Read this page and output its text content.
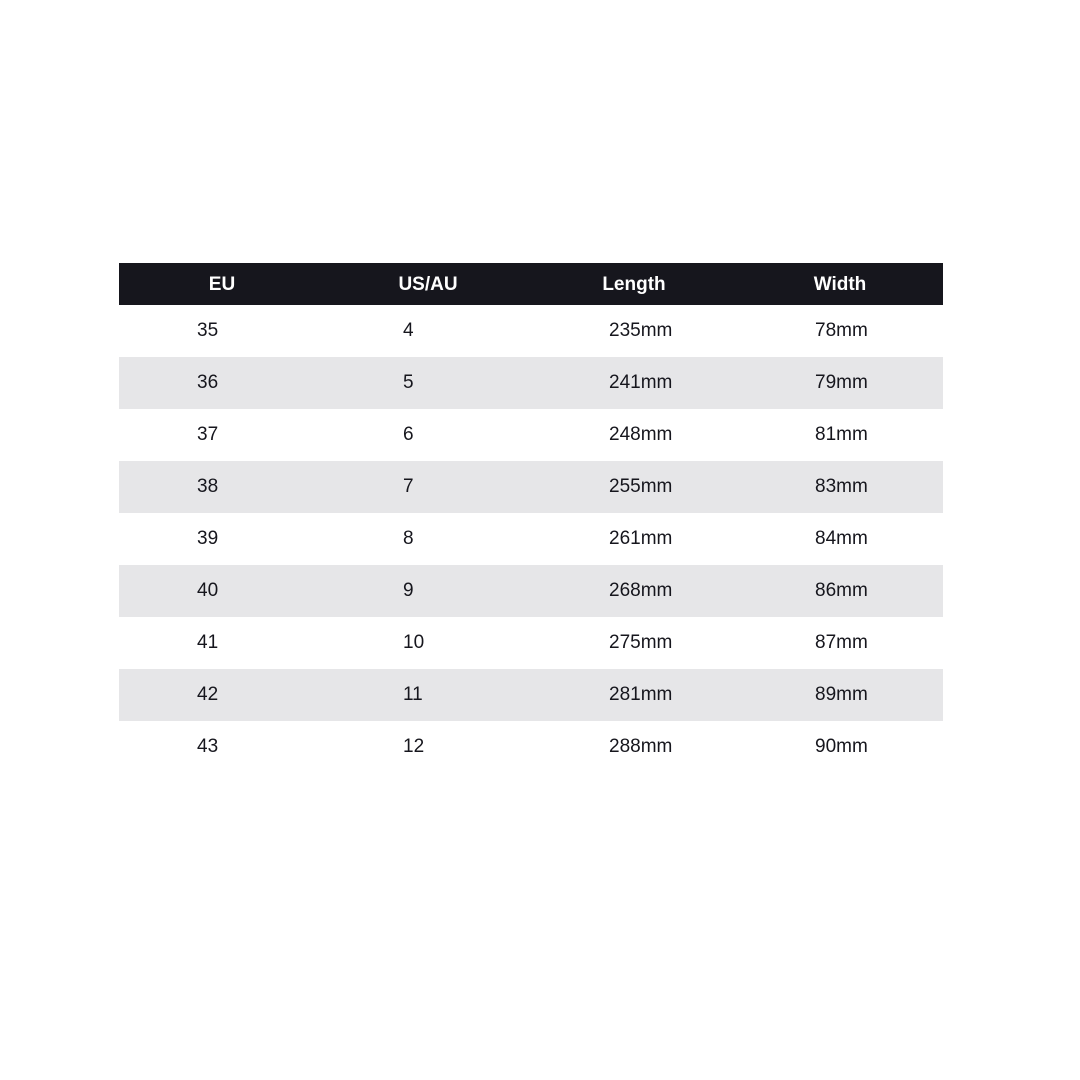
EU	US/AU	Length	Width
35	4	235mm	78mm
36	5	241mm	79mm
37	6	248mm	81mm
38	7	255mm	83mm
39	8	261mm	84mm
40	9	268mm	86mm
41	10	275mm	87mm
42	11	281mm	89mm
43	12	288mm	90mm
